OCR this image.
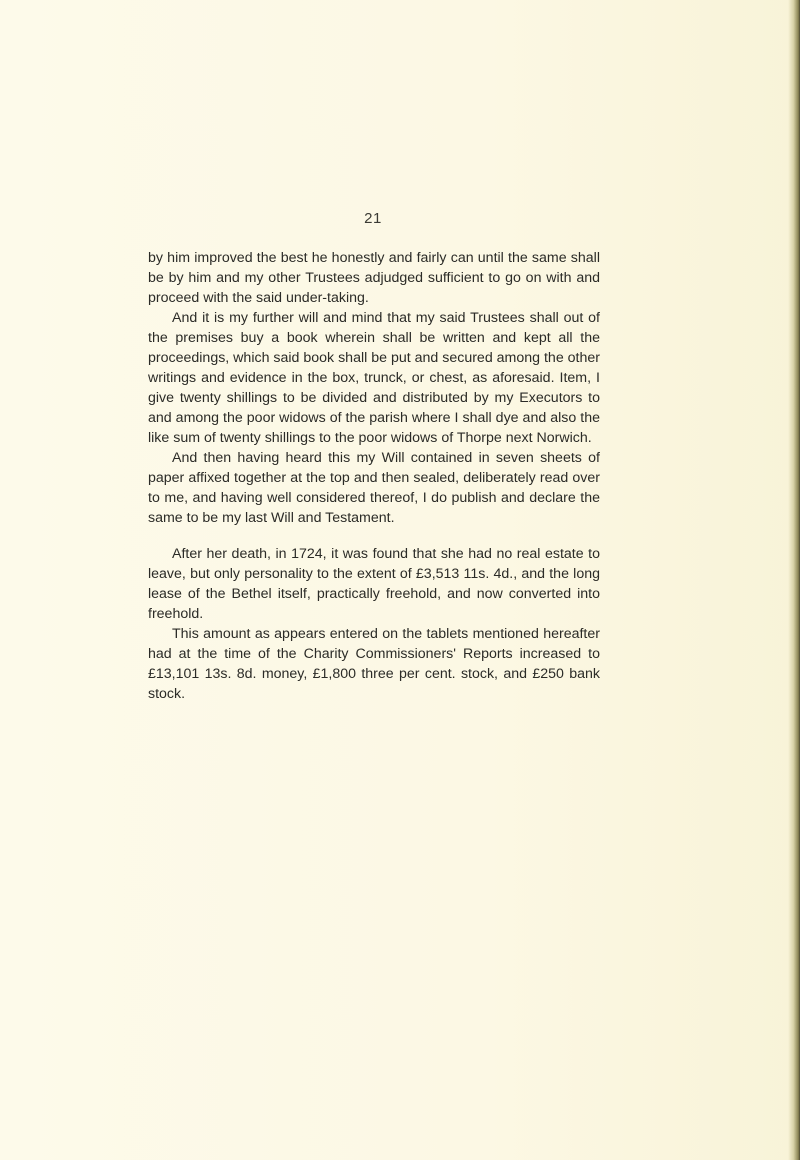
21

by him improved the best he honestly and fairly can until the same shall be by him and my other Trustees adjudged sufficient to go on with and proceed with the said under-taking.

And it is my further will and mind that my said Trustees shall out of the premises buy a book wherein shall be written and kept all the proceedings, which said book shall be put and secured among the other writings and evidence in the box, trunck, or chest, as aforesaid. Item, I give twenty shillings to be divided and distributed by my Executors to and among the poor widows of the parish where I shall dye and also the like sum of twenty shillings to the poor widows of Thorpe next Norwich.

And then having heard this my Will contained in seven sheets of paper affixed together at the top and then sealed, deliberately read over to me, and having well considered thereof, I do publish and declare the same to be my last Will and Testament.

After her death, in 1724, it was found that she had no real estate to leave, but only personality to the extent of £3,513 11s. 4d., and the long lease of the Bethel itself, practically freehold, and now converted into freehold.

This amount as appears entered on the tablets mentioned hereafter had at the time of the Charity Commissioners' Reports increased to £13,101 13s. 8d. money, £1,800 three per cent. stock, and £250 bank stock.
